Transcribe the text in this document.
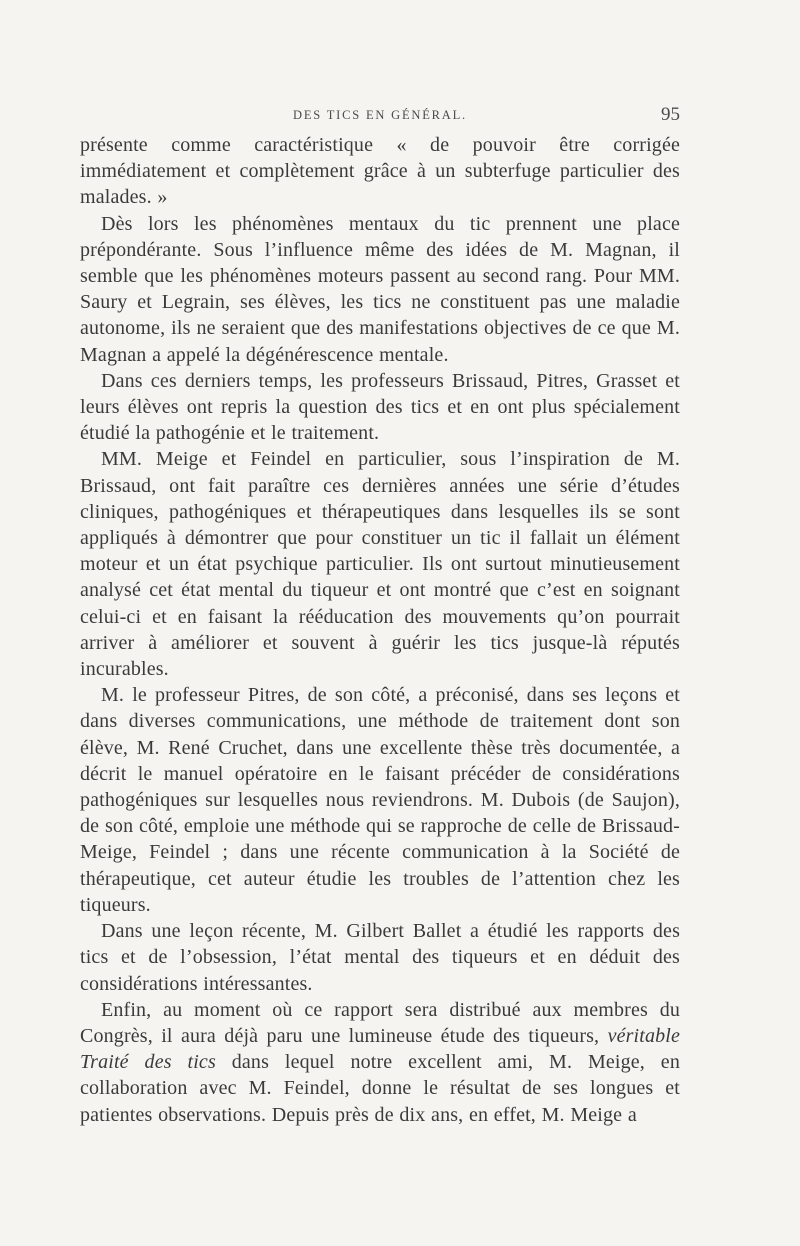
DES TICS EN GÉNÉRAL.	95

présente comme caractéristique « de pouvoir être corrigée immédiatement et complètement grâce à un subterfuge particulier des malades. »

Dès lors les phénomènes mentaux du tic prennent une place prépondérante. Sous l’influence même des idées de M. Magnan, il semble que les phénomènes moteurs passent au second rang. Pour MM. Saury et Legrain, ses élèves, les tics ne constituent pas une maladie autonome, ils ne seraient que des manifestations objectives de ce que M. Magnan a appelé la dégénérescence mentale.

Dans ces derniers temps, les professeurs Brissaud, Pitres, Grasset et leurs élèves ont repris la question des tics et en ont plus spécialement étudié la pathogénie et le traitement.

MM. Meige et Feindel en particulier, sous l’inspiration de M. Brissaud, ont fait paraître ces dernières années une série d’études cliniques, pathogéniques et thérapeutiques dans lesquelles ils se sont appliqués à démontrer que pour constituer un tic il fallait un élément moteur et un état psychique particulier. Ils ont surtout minutieusement analysé cet état mental du tiqueur et ont montré que c’est en soignant celui-ci et en faisant la rééducation des mouvements qu’on pourrait arriver à améliorer et souvent à guérir les tics jusque-là réputés incurables.

M. le professeur Pitres, de son côté, a préconisé, dans ses leçons et dans diverses communications, une méthode de traitement dont son élève, M. René Cruchet, dans une excellente thèse très documentée, a décrit le manuel opératoire en le faisant précéder de considérations pathogéniques sur lesquelles nous reviendrons. M. Dubois (de Saujon), de son côté, emploie une méthode qui se rapproche de celle de Brissaud-Meige, Feindel ; dans une récente communication à la Société de thérapeutique, cet auteur étudie les troubles de l’attention chez les tiqueurs.

Dans une leçon récente, M. Gilbert Ballet a étudié les rapports des tics et de l’obsession, l’état mental des tiqueurs et en déduit des considérations intéressantes.

Enfin, au moment où ce rapport sera distribué aux membres du Congrès, il aura déjà paru une lumineuse étude des tiqueurs, véritable Traité des tics dans lequel notre excellent ami, M. Meige, en collaboration avec M. Feindel, donne le résultat de ses longues et patientes observations. Depuis près de dix ans, en effet, M. Meige a
